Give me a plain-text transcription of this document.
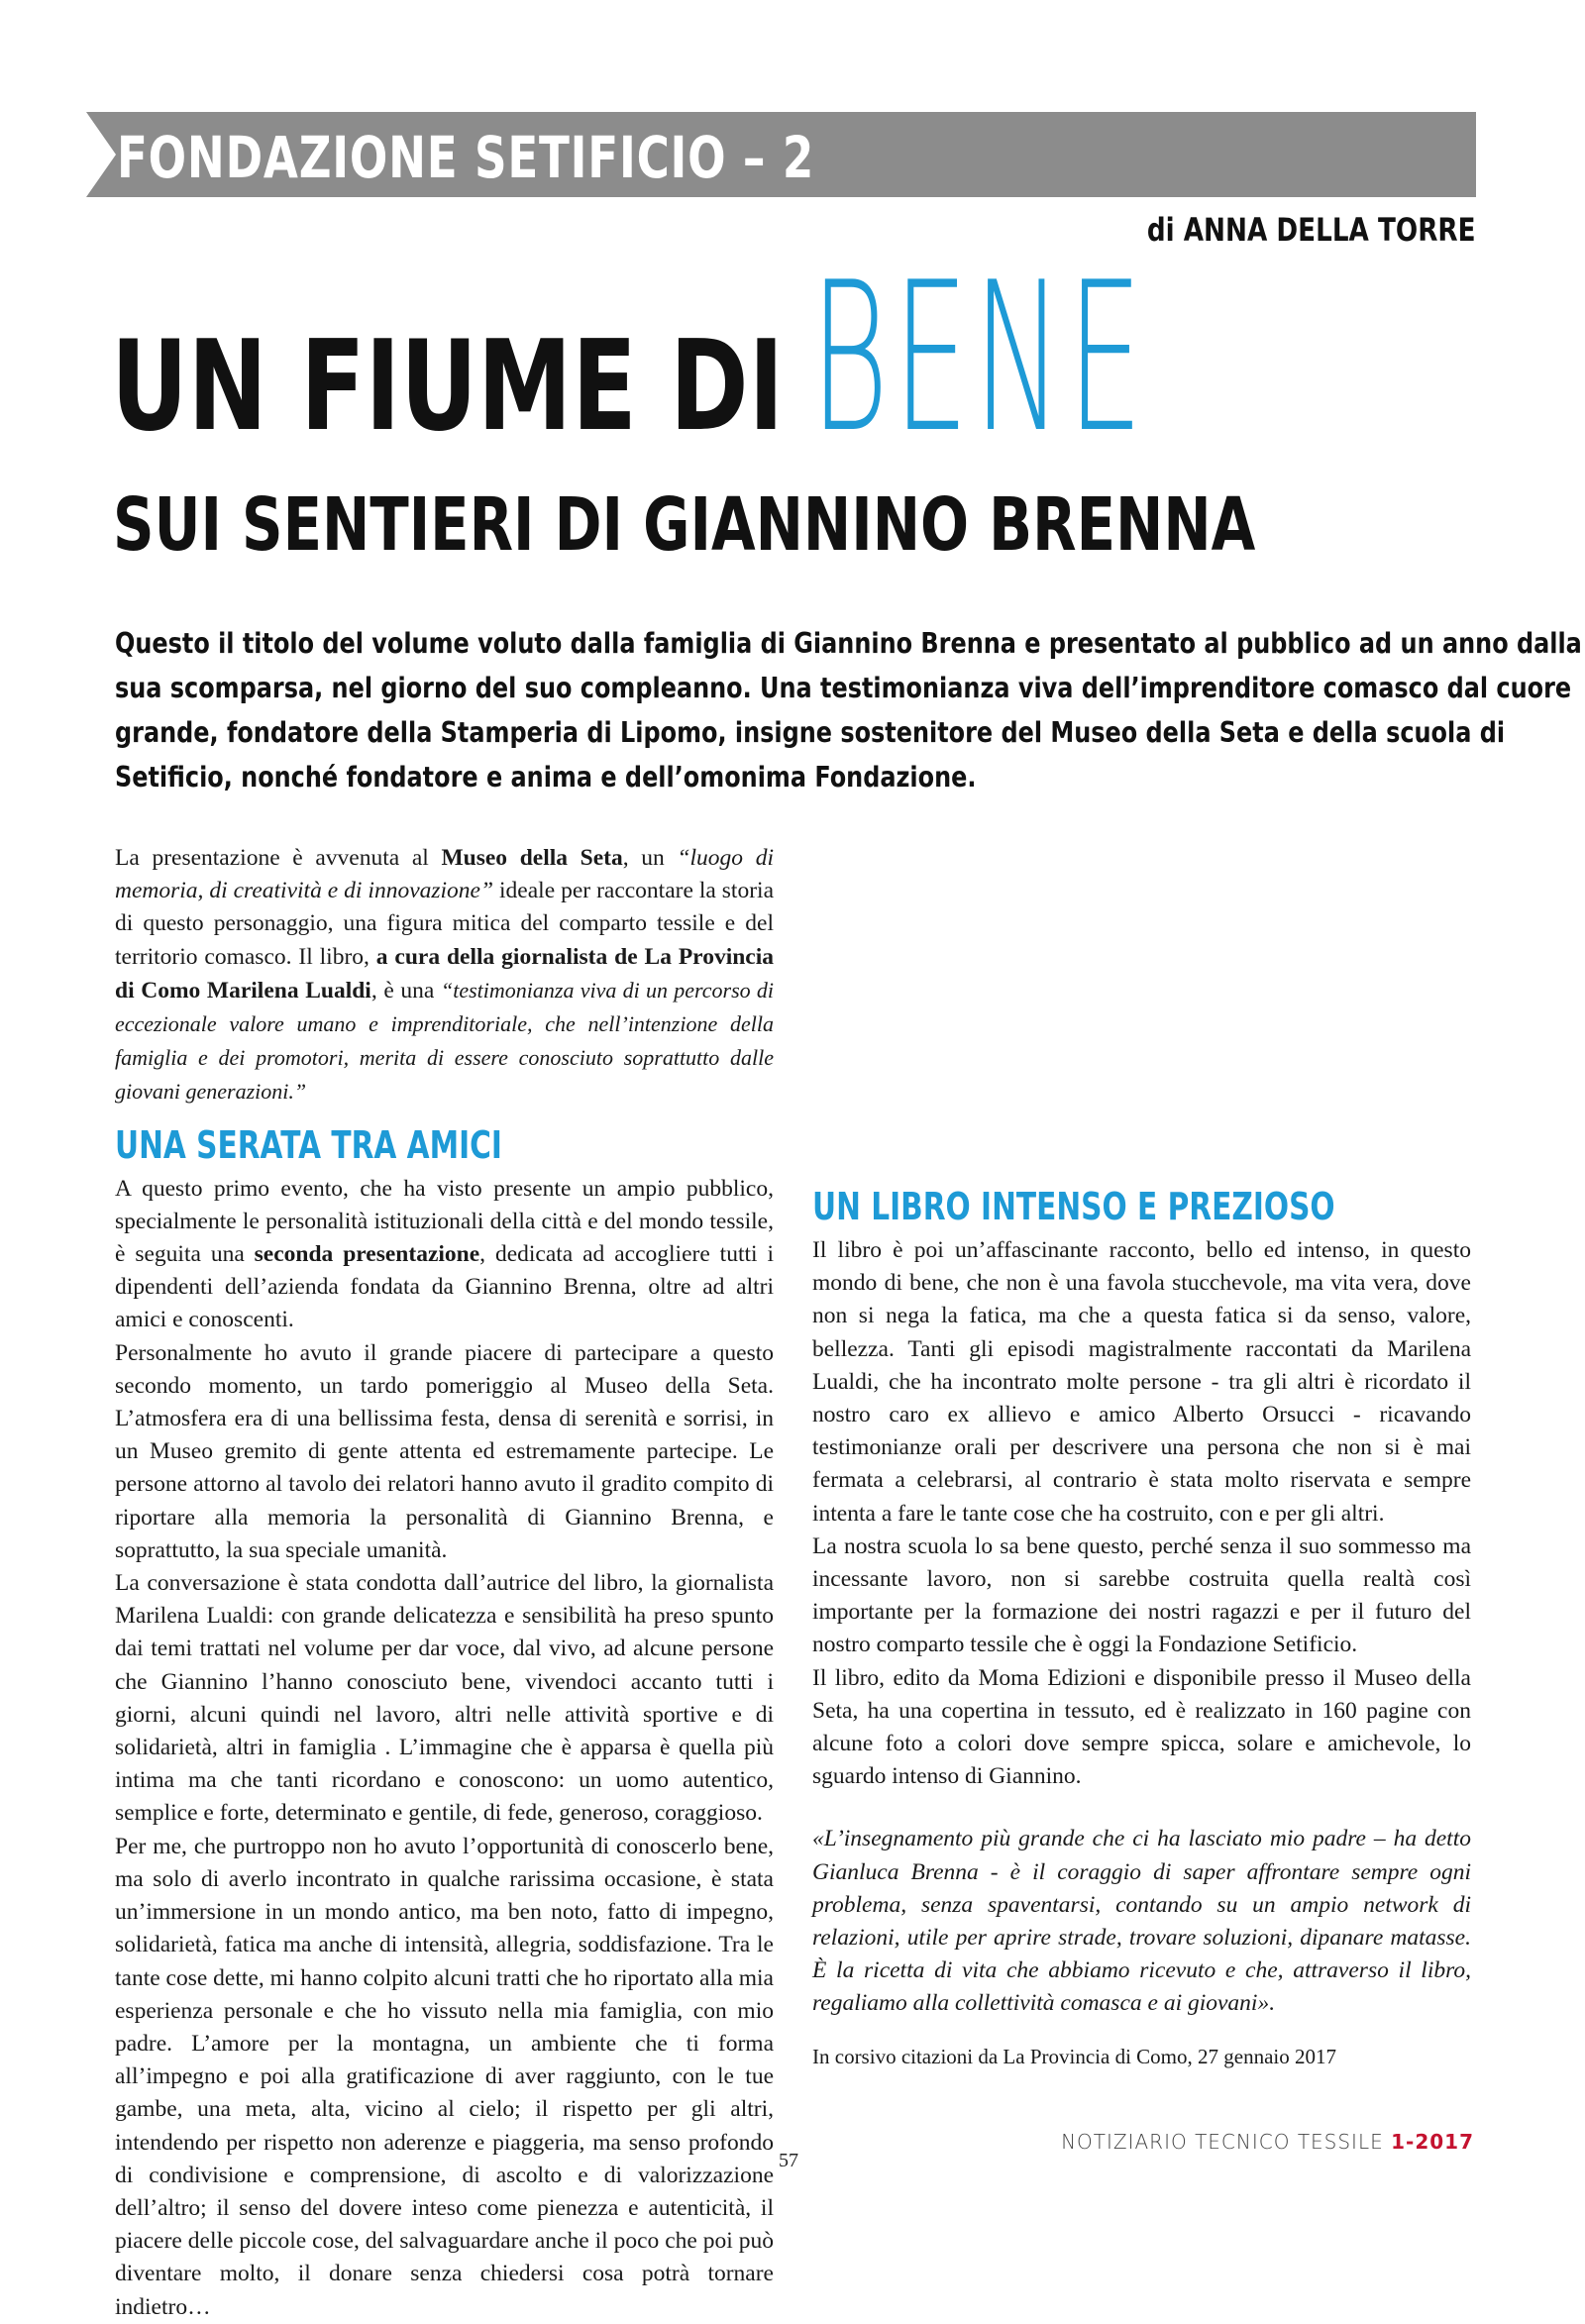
FONDAZIONE SETIFICIO – 2
di ANNA DELLA TORRE
UN FIUME DI BENE
SUI SENTIERI DI GIANNINO BRENNA
Questo il titolo del volume voluto dalla famiglia di Giannino Brenna e presentato al pubblico ad un anno dalla
sua scomparsa, nel giorno del suo compleanno. Una testimonianza viva dell’imprenditore comasco dal cuore
grande, fondatore della Stamperia di Lipomo, insigne sostenitore del Museo della Seta e della scuola di
Setificio, nonché fondatore e anima e dell’omonima Fondazione.

La presentazione è avvenuta al Museo della Seta, un “luogo di memoria, di creatività e di innovazione” ideale per raccontare la storia di questo personaggio, una figura mitica del comparto tessile e del territorio comasco. Il libro, a cura della giornalista de La Provincia di Como Marilena Lualdi, è una “testimonianza viva di un percorso di eccezionale valore umano e imprenditoriale, che nell’intenzione della famiglia e dei promotori, merita di essere conosciuto soprattutto dalle giovani generazioni.”

UNA SERATA TRA AMICI

A questo primo evento, che ha visto presente un ampio pubblico, specialmente le personalità istituzionali della città e del mondo tessile, è seguita una seconda presentazione, dedicata ad accogliere tutti i dipendenti dell’azienda fondata da Giannino Brenna, oltre ad altri amici e conoscenti.

Personalmente ho avuto il grande piacere di partecipare a questo secondo momento, un tardo pomeriggio al Museo della Seta. L’atmosfera era di una bellissima festa, densa di serenità e sorrisi, in un Museo gremito di gente attenta ed estremamente partecipe. Le persone attorno al tavolo dei relatori hanno avuto il gradito compito di riportare alla memoria la personalità di Giannino Brenna, e soprattutto, la sua speciale umanità.

La conversazione è stata condotta dall’autrice del libro, la giornalista Marilena Lualdi: con grande delicatezza e sensibilità ha preso spunto dai temi trattati nel volume per dar voce, dal vivo, ad alcune persone che Giannino l’hanno conosciuto bene, vivendoci accanto tutti i giorni, alcuni quindi nel lavoro, altri nelle attività sportive e di solidarietà, altri in famiglia . L’immagine che è apparsa è quella più intima ma che tanti ricordano e conoscono: un uomo autentico, semplice e forte, determinato e gentile, di fede, generoso, coraggioso.

Per me, che purtroppo non ho avuto l’opportunità di conoscerlo bene, ma solo di averlo incontrato in qualche rarissima occasione, è stata un’immersione in un mondo antico, ma ben noto, fatto di impegno, solidarietà, fatica ma anche di intensità, allegria, soddisfazione. Tra le tante cose dette, mi hanno colpito alcuni tratti che ho riportato alla mia esperienza personale e che ho vissuto nella mia famiglia, con mio padre. L’amore per la montagna, un ambiente che ti forma all’impegno e poi alla gratificazione di aver raggiunto, con le tue gambe, una meta, alta, vicino al cielo; il rispetto per gli altri, intendendo per rispetto non aderenze e piaggeria, ma senso profondo di condivisione e comprensione, di ascolto e di valorizzazione dell’altro; il senso del dovere inteso come pienezza e autenticità, il piacere delle piccole cose, del salvaguardare anche il poco che poi può diventare molto, il donare senza chiedersi cosa potrà tornare indietro…

UN LIBRO INTENSO E PREZIOSO

Il libro è poi un’affascinante racconto, bello ed intenso, in questo mondo di bene, che non è una favola stucchevole, ma vita vera, dove non si nega la fatica, ma che a questa fatica si da senso, valore, bellezza. Tanti gli episodi magistralmente raccontati da Marilena Lualdi, che ha incontrato molte persone - tra gli altri è ricordato il nostro caro ex allievo e amico Alberto Orsucci - ricavando testimonianze orali per descrivere una persona che non si è mai fermata a celebrarsi, al contrario è stata molto riservata e sempre intenta a fare le tante cose che ha costruito, con e per gli altri.

La nostra scuola lo sa bene questo, perché senza il suo sommesso ma incessante lavoro, non si sarebbe costruita quella realtà così importante per la formazione dei nostri ragazzi e per il futuro del nostro comparto tessile che è oggi la Fondazione Setificio.

Il libro, edito da Moma Edizioni e disponibile presso il Museo della Seta, ha una copertina in tessuto, ed è realizzato in 160 pagine con alcune foto a colori dove sempre spicca, solare e amichevole, lo sguardo intenso di Giannino.

«L’insegnamento più grande che ci ha lasciato mio padre – ha detto Gianluca Brenna - è il coraggio di saper affrontare sempre ogni problema, senza spaventarsi, contando su un ampio network di relazioni, utile per aprire strade, trovare soluzioni, dipanare matasse. È la ricetta di vita che abbiamo ricevuto e che, attraverso il libro, regaliamo alla collettività comasca e ai giovani».

In corsivo citazioni da La Provincia di Como, 27 gennaio 2017

57
NOTIZIARIO TECNICO TESSILE 1-2017
